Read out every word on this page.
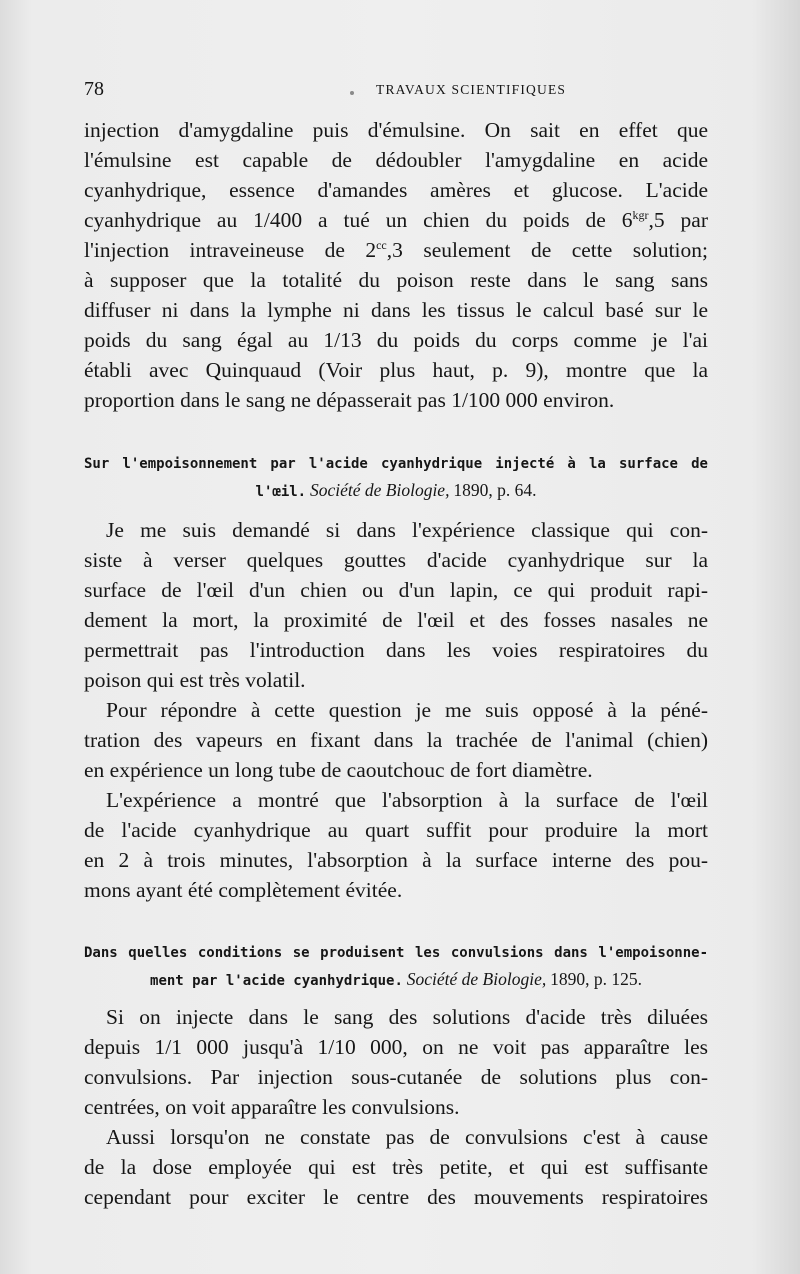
78	TRAVAUX SCIENTIFIQUES
injection d'amygdaline puis d'émulsine. On sait en effet que
l'émulsine est capable de dédoubler l'amygdaline en acide
cyanhydrique, essence d'amandes amères et glucose. L'acide
cyanhydrique au 1/400 a tué un chien du poids de $6^{kgr},5$ par
l'injection intraveineuse de $2^{cc},3$ seulement de cette solution;
à supposer que la totalité du poison reste dans le sang sans
diffuser ni dans la lymphe ni dans les tissus le calcul basé sur le
poids du sang égal au 1/13 du poids du corps comme je l'ai
établi avec Quinquaud (Voir plus haut, p. 9), montre que la
proportion dans le sang ne dépasserait pas 1/100 000 environ.
Sur l'empoisonnement par l'acide cyanhydrique injecté à la surface de
l'œil. Société de Biologie, 1890, p. 64.
Je me suis demandé si dans l'expérience classique qui con-
siste à verser quelques gouttes d'acide cyanhydrique sur la
surface de l'œil d'un chien ou d'un lapin, ce qui produit rapi-
dement la mort, la proximité de l'œil et des fosses nasales ne
permettrait pas l'introduction dans les voies respiratoires du
poison qui est très volatil.
Pour répondre à cette question je me suis opposé à la péné-
tration des vapeurs en fixant dans la trachée de l'animal (chien)
en expérience un long tube de caoutchouc de fort diamètre.
L'expérience a montré que l'absorption à la surface de l'œil
de l'acide cyanhydrique au quart suffit pour produire la mort
en 2 à trois minutes, l'absorption à la surface interne des pou-
mons ayant été complètement évitée.
Dans quelles conditions se produisent les convulsions dans l'empoisonne-
ment par l'acide cyanhydrique. Société de Biologie, 1890, p. 125.
Si on injecte dans le sang des solutions d'acide très diluées
depuis 1/1 000 jusqu'à 1/10 000, on ne voit pas apparaître les
convulsions. Par injection sous-cutanée de solutions plus con-
centrées, on voit apparaître les convulsions.
Aussi lorsqu'on ne constate pas de convulsions c'est à cause
de la dose employée qui est très petite, et qui est suffisante
cependant pour exciter le centre des mouvements respiratoires
